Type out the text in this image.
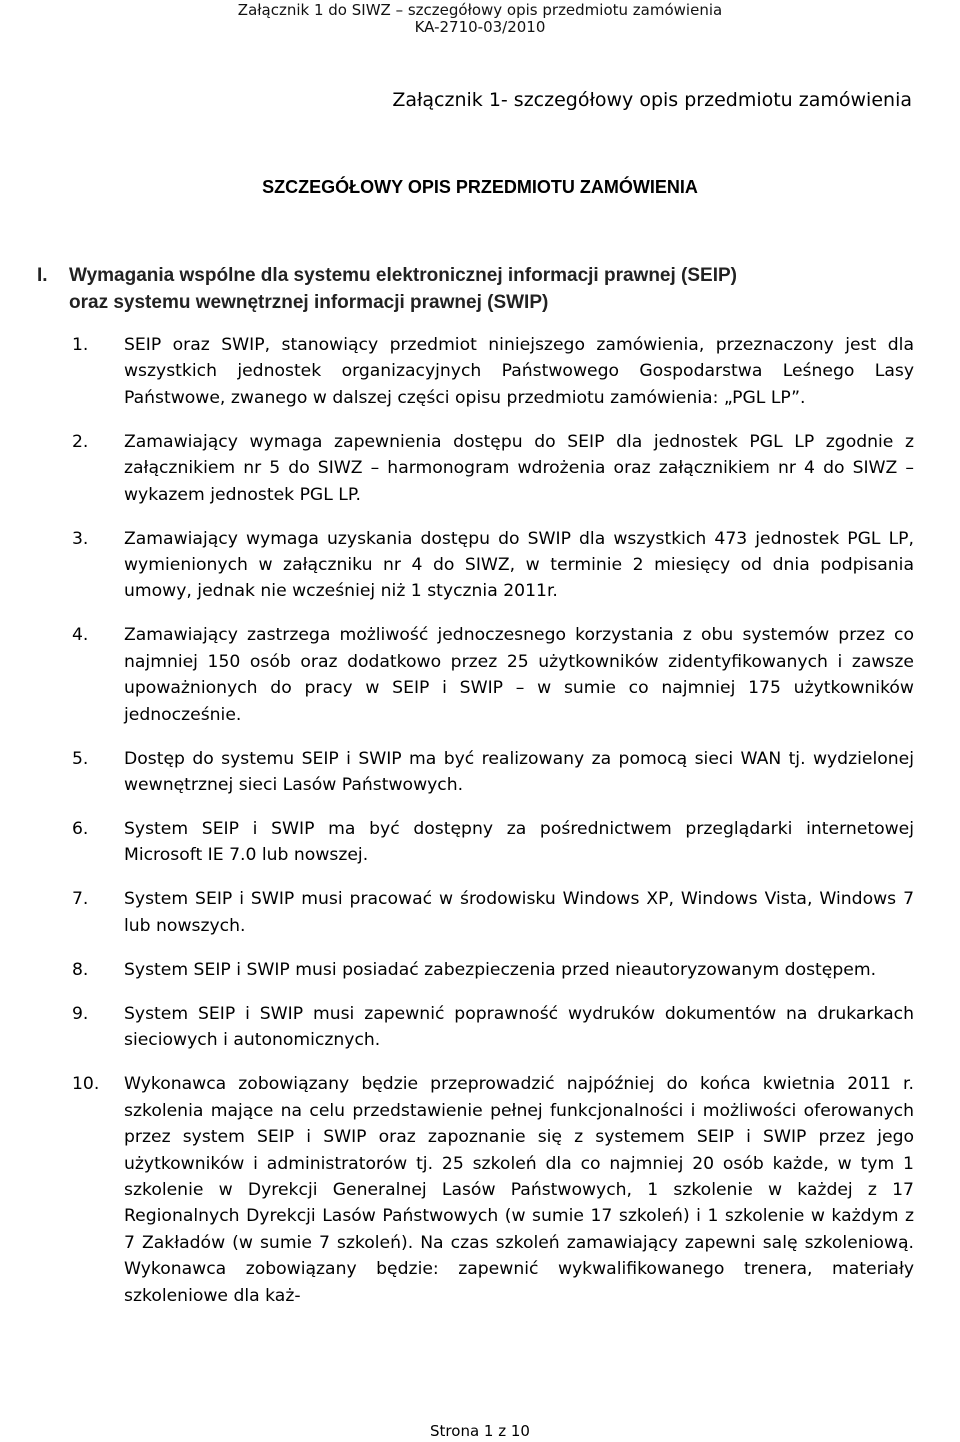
Załącznik 1 do SIWZ – szczegółowy opis przedmiotu zamówienia
KA-2710-03/2010
Załącznik 1- szczegółowy opis przedmiotu zamówienia
SZCZEGÓŁOWY OPIS PRZEDMIOTU ZAMÓWIENIA
I. Wymagania wspólne dla systemu elektronicznej informacji prawnej (SEIP)
oraz systemu wewnętrznej informacji prawnej (SWIP)
1. SEIP oraz SWIP, stanowiący przedmiot niniejszego zamówienia, przeznaczony jest dla wszystkich jednostek organizacyjnych Państwowego Gospodarstwa Leśnego Lasy Państwowe, zwanego w dalszej części opisu przedmiotu zamówienia: „PGL LP”.
2. Zamawiający wymaga zapewnienia dostępu do SEIP dla jednostek PGL LP zgodnie z załącznikiem nr 5 do SIWZ – harmonogram wdrożenia oraz załącznikiem nr 4 do SIWZ – wykazem jednostek PGL LP.
3. Zamawiający wymaga uzyskania dostępu do SWIP dla wszystkich 473 jednostek PGL LP, wymienionych w załączniku nr 4 do SIWZ, w terminie 2 miesięcy od dnia podpisania umowy, jednak nie wcześniej niż 1 stycznia 2011r.
4. Zamawiający zastrzega możliwość jednoczesnego korzystania z obu systemów przez co najmniej 150 osób oraz dodatkowo przez 25 użytkowników zidentyfikowanych i zawsze upoważnionych do pracy w SEIP i SWIP – w sumie co najmniej 175 użytkowników jednocześnie.
5. Dostęp do systemu SEIP i SWIP ma być realizowany za pomocą sieci WAN tj. wydzielonej wewnętrznej sieci Lasów Państwowych.
6. System SEIP i SWIP ma być dostępny za pośrednictwem przeglądarki internetowej Microsoft IE 7.0 lub nowszej.
7. System SEIP i SWIP musi pracować w środowisku Windows XP, Windows Vista, Windows 7 lub nowszych.
8. System SEIP i SWIP musi posiadać zabezpieczenia przed nieautoryzowanym dostępem.
9. System SEIP i SWIP musi zapewnić poprawność wydruków dokumentów na drukarkach sieciowych i autonomicznych.
10. Wykonawca zobowiązany będzie przeprowadzić najpóźniej do końca kwietnia 2011 r. szkolenia mające na celu przedstawienie pełnej funkcjonalności i możliwości oferowanych przez system SEIP i SWIP oraz zapoznanie się z systemem SEIP i SWIP przez jego użytkowników i administratorów tj. 25 szkoleń dla co najmniej 20 osób każde, w tym 1 szkolenie w Dyrekcji Generalnej Lasów Państwowych, 1 szkolenie w każdej z 17 Regionalnych Dyrekcji Lasów Państwowych (w sumie 17 szkoleń) i 1 szkolenie w każdym z 7 Zakładów (w sumie 7 szkoleń). Na czas szkoleń zamawiający zapewni salę szkoleniową. Wykonawca zobowiązany będzie: zapewnić wykwalifikowanego trenera, materiały szkoleniowe dla każ-
Strona 1 z 10
